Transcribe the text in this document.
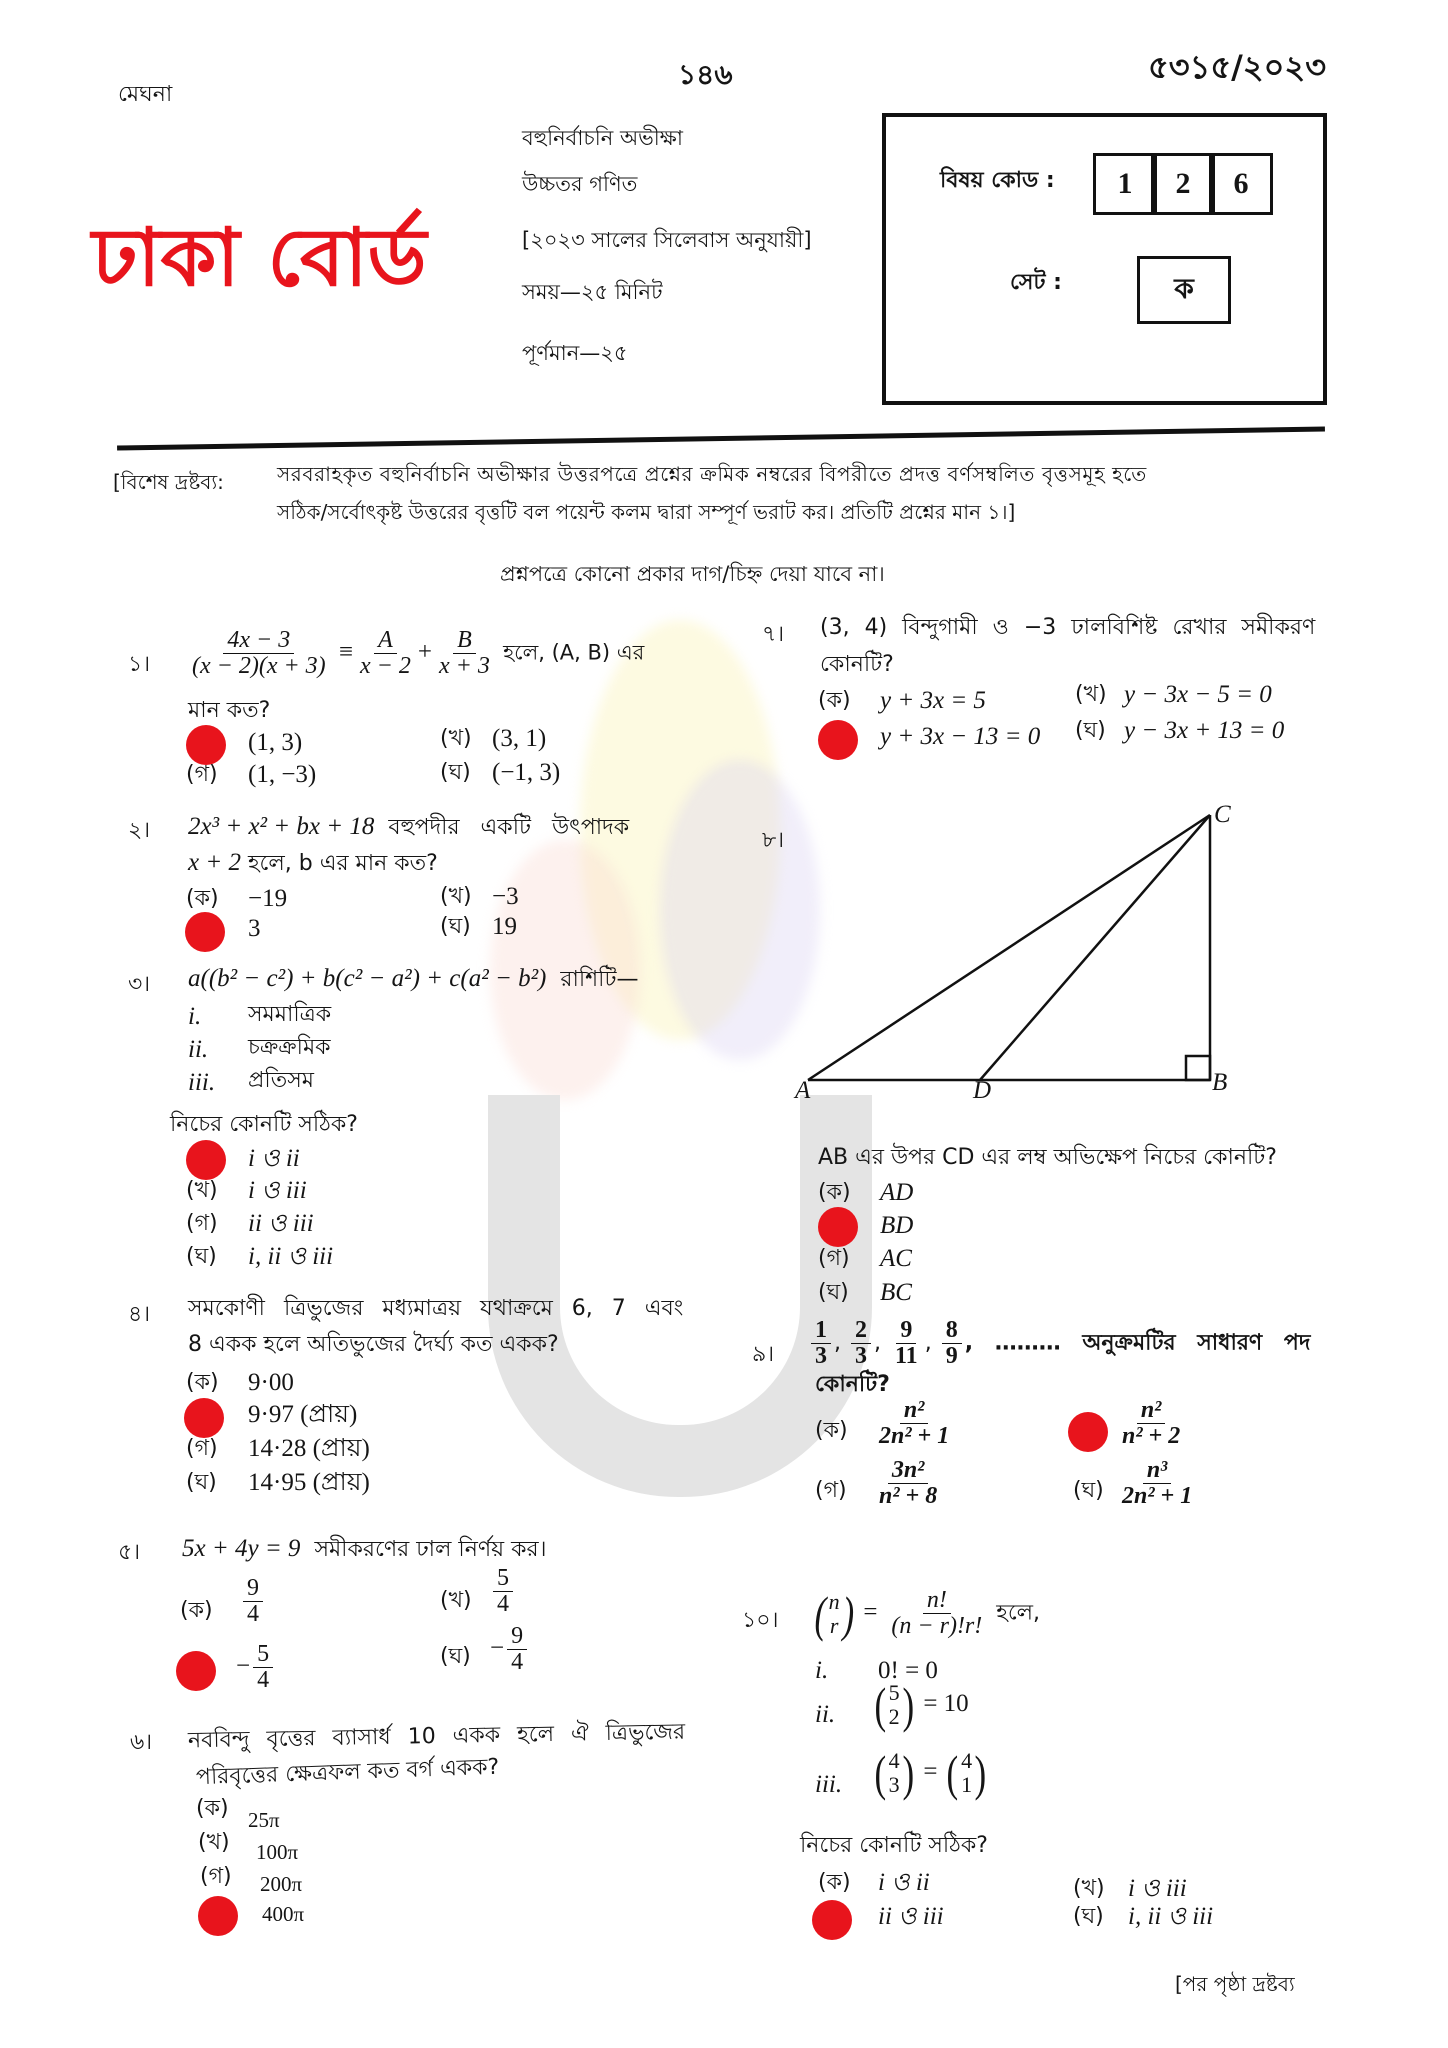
মেঘনা
১৪৬	৫৩১৫/২০২৩
ঢাকা বোর্ড
বহুনির্বাচনি অভীক্ষা
উচ্চতর গণিত
[২০২৩ সালের সিলেবাস অনুযায়ী]
সময়—২৫ মিনিট
পূর্ণমান—২৫
বিষয় কোড :	1	2	6
সেট :	ক
[বিশেষ দ্রষ্টব্য:	সরবরাহকৃত বহুনির্বাচনি অভীক্ষার উত্তরপত্রে প্রশ্নের ক্রমিক নম্বরের বিপরীতে প্রদত্ত বর্ণসম্বলিত বৃত্তসমূহ হতে
সঠিক/সর্বোৎকৃষ্ট উত্তরের বৃত্তটি বল পয়েন্ট কলম দ্বারা সম্পূর্ণ ভরাট কর। প্রতিটি প্রশ্নের মান ১।]
প্রশ্নপত্রে কোনো প্রকার দাগ/চিহ্ন দেয়া যাবে না।
১। $\frac{4x - 3}{(x - 2)(x + 3)} \equiv \frac{A}{x - 2} + \frac{B}{x + 3}$ হলে, (A, B) এর
মান কত?
(1, 3)	(খ) (3, 1)
(গ) (1, −3)	(ঘ) (−1, 3)
২। 2x³ + x² + bx + 18 বহুপদীর একটি উৎপাদক
x + 2 হলে, b এর মান কত?
(ক) −19	(খ) −3
3	(ঘ) 19
৩। a((b² − c²) + b(c² − a²) + c(a² − b²) রাশিটি—
i. সমমাত্রিক
ii. চক্রক্রমিক
iii. প্রতিসম
নিচের কোনটি সঠিক?
i ও ii
(খ) i ও iii
(গ) ii ও iii
(ঘ) i, ii ও iii
৪। সমকোণী ত্রিভুজের মধ্যমাত্রয় যথাক্রমে 6, 7 এবং
8 একক হলে অতিভুজের দৈর্ঘ্য কত একক?
(ক) 9·00
9·97 (প্রায়)
(গ) 14·28 (প্রায়)
(ঘ) 14·95 (প্রায়)
৫। 5x + 4y = 9 সমীকরণের ঢাল নির্ণয় কর।
(ক) $\frac{9}{4}$	(খ) $\frac{5}{4}$
− $\frac{5}{4}$	(ঘ) − $\frac{9}{4}$
৬। নববিন্দু বৃত্তের ব্যাসার্ধ 10 একক হলে ঐ ত্রিভুজের
পরিবৃত্তের ক্ষেত্রফল কত বর্গ একক?
(ক) 25π
(খ) 100π
(গ) 200π
400π
৭। (3, 4) বিন্দুগামী ও −3 ঢালবিশিষ্ট রেখার সমীকরণ
কোনটি?
(ক) y + 3x = 5	(খ) y − 3x − 5 = 0
y + 3x − 13 = 0 (ঘ) y − 3x + 13 = 0
৮।
A	B
C
D
AB এর উপর CD এর লম্ব অভিক্ষেপ নিচের কোনটি?
(ক) AD
BD
(গ) AC
(ঘ) BC
৯। $\frac{1}{3}$ , $\frac{2}{3}$ , $\frac{9}{11}$ , $\frac{8}{9}$ , ……… অনুক্রমটির সাধারণ পদ
কোনটি?
(ক) $\frac{\text{n²}}{\text{2n² + 1}}$	$\frac{\text{n²}}{\text{n² + 2}}$
(গ) $\frac{\text{3n²}}{\text{n² + 8}}$	(ঘ) $\frac{\text{n³}}{\text{2n² + 1}}$
১০। ( n
r ) = $\frac{n!}{(n - r)!r!}$ হলে,
i. 0! = 0
ii. ( 5
2 ) = 10
iii. ( 4
3 ) = ( 4
1 )
নিচের কোনটি সঠিক?
(ক) i ও ii	(খ) i ও iii
ii ও iii	(ঘ) i, ii ও iii
[পর পৃষ্ঠা দ্রষ্টব্য
